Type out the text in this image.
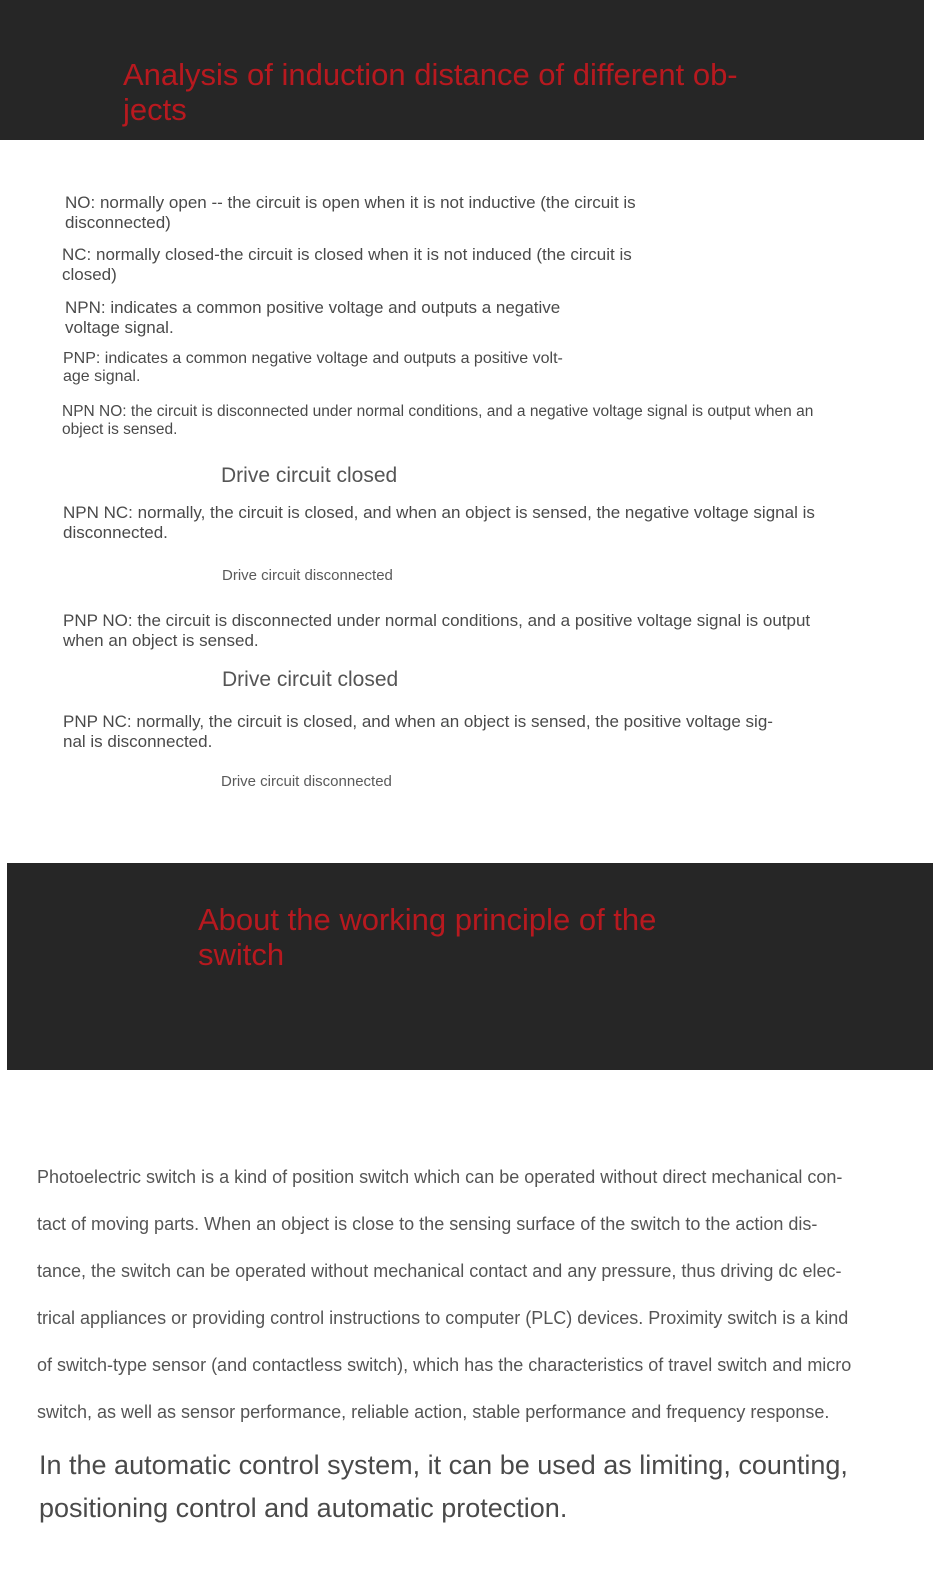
Analysis of induction distance of different ob-
jects

NO: normally open -- the circuit is open when it is not inductive (the circuit is
disconnected)

NC: normally closed-the circuit is closed when it is not induced (the circuit is
closed)

NPN: indicates a common positive voltage and outputs a negative
voltage signal.

PNP: indicates a common negative voltage and outputs a positive volt-
age signal.

NPN NO: the circuit is disconnected under normal conditions, and a negative voltage signal is output when an
object is sensed.

Drive circuit closed

NPN NC: normally, the circuit is closed, and when an object is sensed, the negative voltage signal is
disconnected.

Drive circuit disconnected

PNP NO: the circuit is disconnected under normal conditions, and a positive voltage signal is output
when an object is sensed.

Drive circuit closed

PNP NC: normally, the circuit is closed, and when an object is sensed, the positive voltage sig-
nal is disconnected.

Drive circuit disconnected

About the working principle of the
switch

Photoelectric switch is a kind of position switch which can be operated without direct mechanical con-
tact of moving parts. When an object is close to the sensing surface of the switch to the action dis-
tance, the switch can be operated without mechanical contact and any pressure, thus driving dc elec-
trical appliances or providing control instructions to computer (PLC) devices. Proximity switch is a kind
of switch-type sensor (and contactless switch), which has the characteristics of travel switch and micro
switch, as well as sensor performance, reliable action, stable performance and frequency response.

In the automatic control system, it can be used as limiting, counting,
positioning control and automatic protection.
